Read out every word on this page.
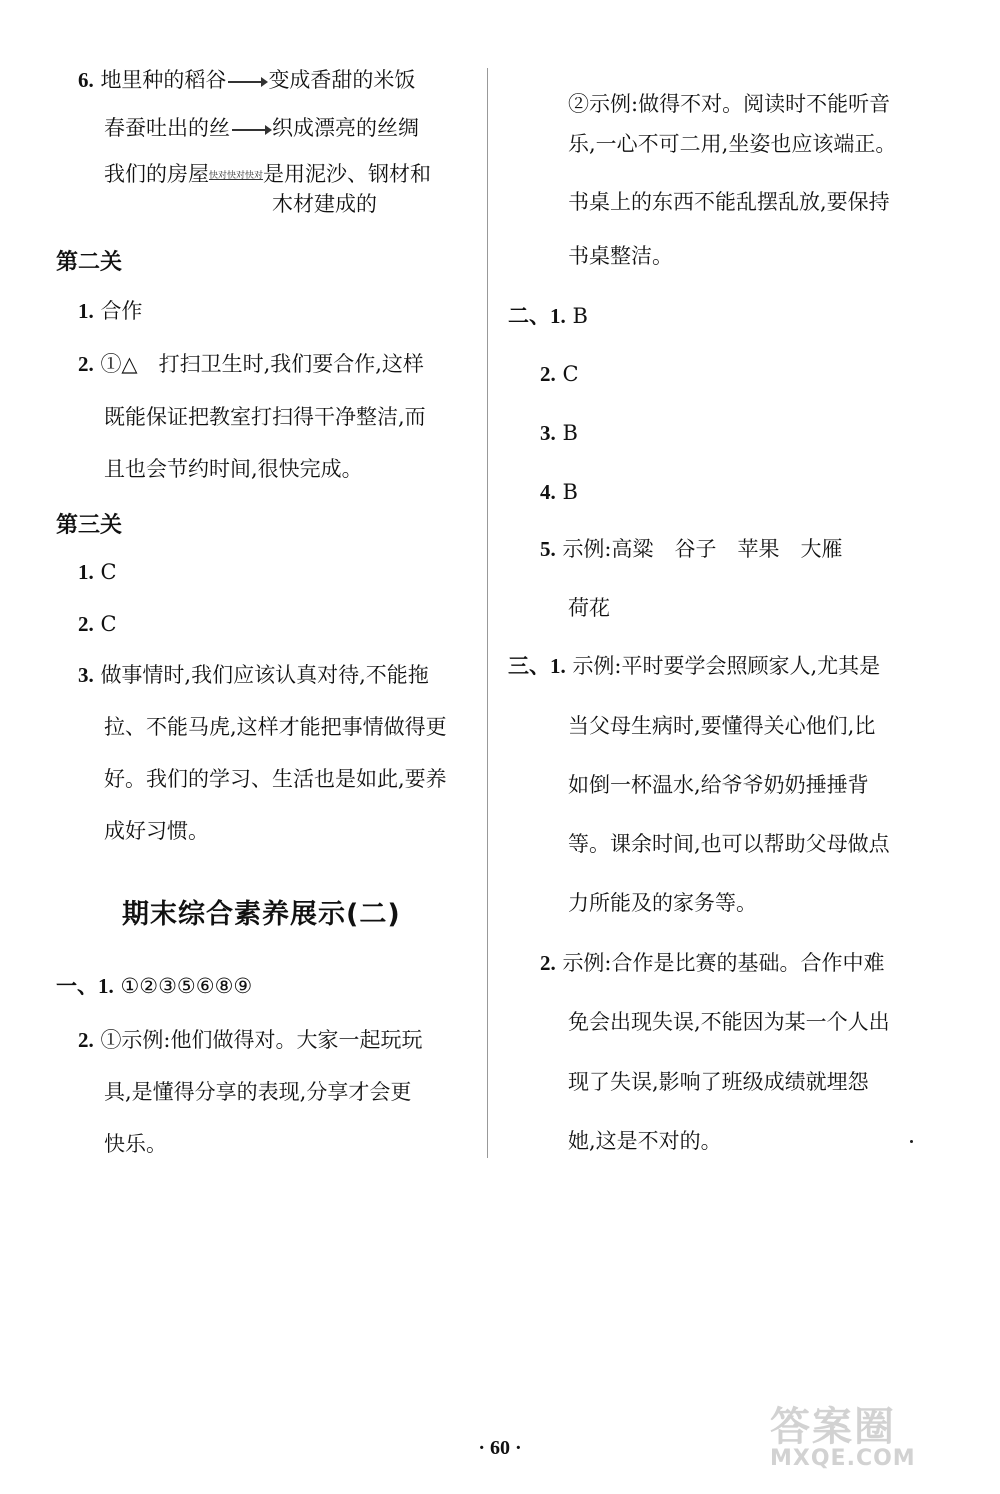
6. 地里种的稻谷 变成香甜的米饭
春蚕吐出的丝 织成漂亮的丝绸
我们的房屋快对快对快对是用泥沙、钢材和
木材建成的
第二关
1. 合作
2. ①△　打扫卫生时,我们要合作,这样
既能保证把教室打扫得干净整洁,而
且也会节约时间,很快完成。
第三关
1. C
2. C
3. 做事情时,我们应该认真对待,不能拖
拉、不能马虎,这样才能把事情做得更
好。我们的学习、生活也是如此,要养
成好习惯。
期末综合素养展示(二)
一、1. ①②③⑤⑥⑧⑨
2. ①示例:他们做得对。大家一起玩玩
具,是懂得分享的表现,分享才会更
快乐。
②示例:做得不对。阅读时不能听音
乐,一心不可二用,坐姿也应该端正。
书桌上的东西不能乱摆乱放,要保持
书桌整洁。
二、1. B
2. C
3. B
4. B
5. 示例:高粱　谷子　苹果　大雁
荷花
三、1. 示例:平时要学会照顾家人,尤其是
当父母生病时,要懂得关心他们,比
如倒一杯温水,给爷爷奶奶捶捶背
等。课余时间,也可以帮助父母做点
力所能及的家务等。
2. 示例:合作是比赛的基础。合作中难
免会出现失误,不能因为某一个人出
现了失误,影响了班级成绩就埋怨
她,这是不对的。
· 60 ·	答案圈
MXQE.COM
